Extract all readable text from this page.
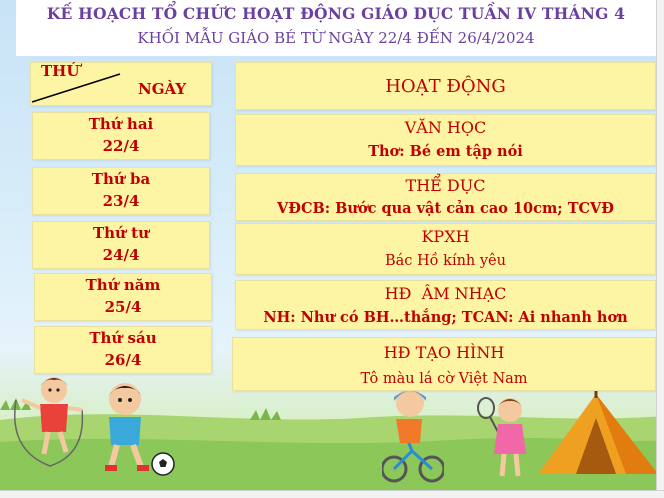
KẾ HOẠCH TỔ CHỨC HOẠT ĐỘNG GIÁO DỤC TUẦN IV THÁNG 4
KHỐI MẪU GIÁO BÉ TỪ NGÀY 22/4 ĐẾN 26/4/2024
THỨ
NGÀY	HOẠT ĐỘNG
Thứ hai
22/4
Thứ ba
23/4
Thứ tư
24/4
Thứ năm
25/4
Thứ sáu
26/4
VĂN HỌC
Thơ: Bé em tập nói
THỂ DỤC
VĐCB: Bước qua vật cản cao 10cm; TCVĐ
KPXH
Bác Hồ kính yêu
HĐ  ÂM NHẠC
NH: Như có BH…thắng; TCAN: Ai nhanh hơn
HĐ TẠO HÌNH
Tô màu lá cờ Việt Nam
